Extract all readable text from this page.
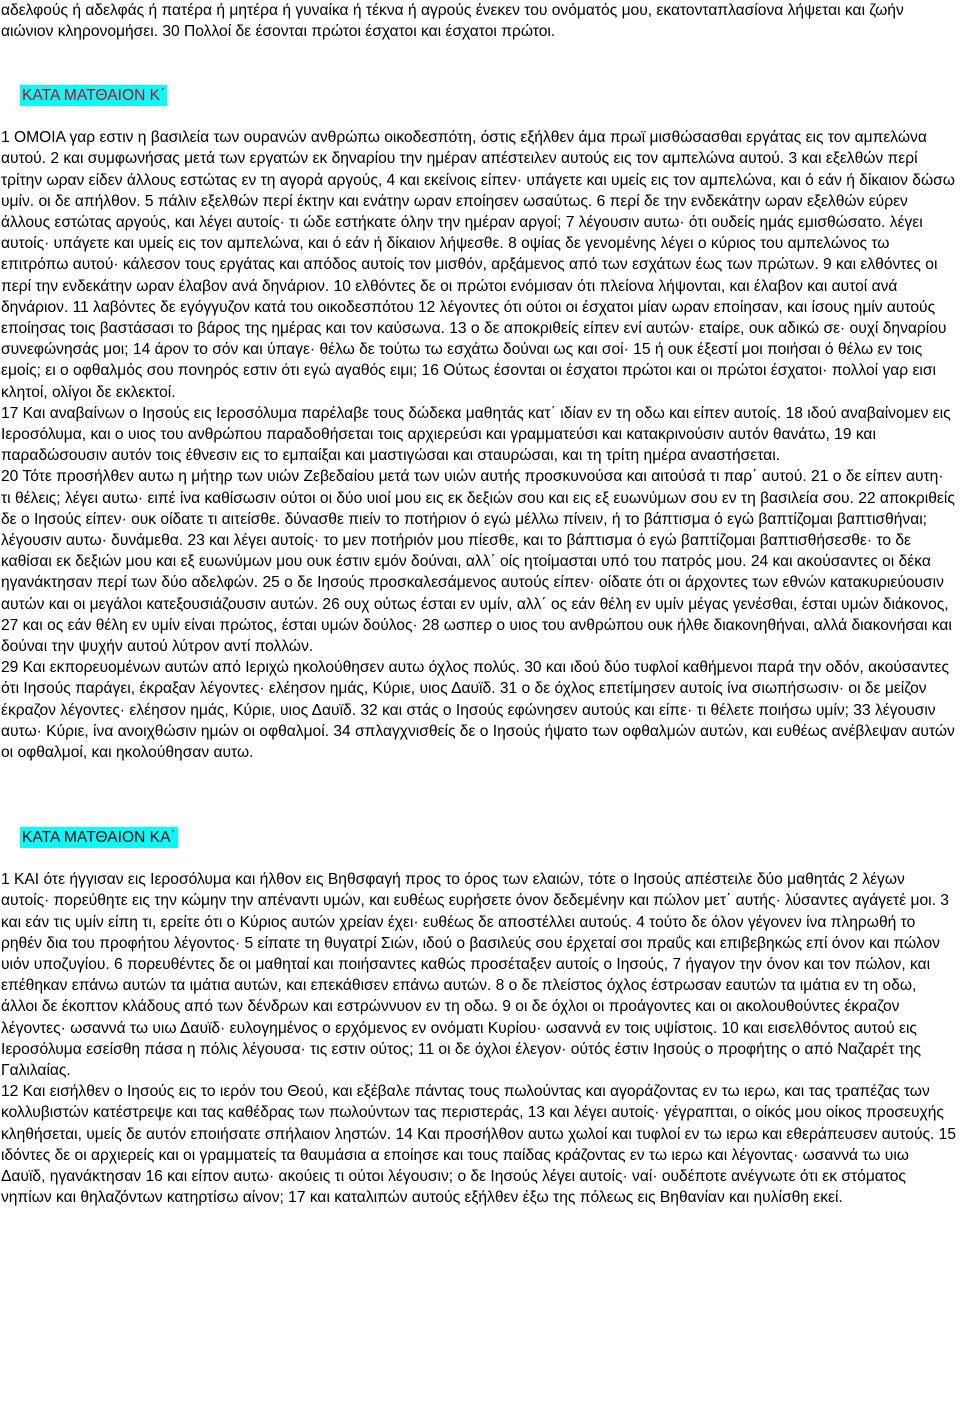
αδελφούς ή αδελφάς ή πατέρα ή μητέρα ή γυναίκα ή τέκνα ή αγρούς ένεκεν του ονόματός μου, εκατονταπλασίονα λήψεται και ζωήν αιώνιον κληρονομήσει. 30 Πολλοί δε έσονται πρώτοι έσχατοι και έσχατοι πρώτοι.

ΚΑΤΑ ΜΑΤΘΑΙΟΝ Κ΄

1 ΟΜΟΙΑ γαρ εστιν η βασιλεία των ουρανών ανθρώπω οικοδεσπότη, όστις εξήλθεν άμα πρωϊ μισθώσασθαι εργάτας εις τον αμπελώνα αυτού. 2 και συμφωνήσας μετά των εργατών εκ δηναρίου την ημέραν απέστειλεν αυτούς εις τον αμπελώνα αυτού. 3 και εξελθών περί τρίτην ωραν είδεν άλλους εστώτας εν τη αγορά αργούς, 4 και εκείνοις είπεν· υπάγετε και υμείς εις τον αμπελώνα, και ό εάν ή δίκαιον δώσω υμίν. οι δε απήλθον. 5 πάλιν εξελθών περί έκτην και ενάτην ωραν εποίησεν ωσαύτως. 6 περί δε την ενδεκάτην ωραν εξελθών εύρεν άλλους εστώτας αργούς, και λέγει αυτοίς· τι ώδε εστήκατε όλην την ημέραν αργοί; 7 λέγουσιν αυτω· ότι ουδείς ημάς εμισθώσατο. λέγει αυτοίς· υπάγετε και υμείς εις τον αμπελώνα, και ό εάν ή δίκαιον λήψεσθε. 8 οψίας δε γενομένης λέγει ο κύριος του αμπελώνος τω επιτρόπω αυτού· κάλεσον τους εργάτας και απόδος αυτοίς τον μισθόν, αρξάμενος από των εσχάτων έως των πρώτων. 9 και ελθόντες οι περί την ενδεκάτην ωραν έλαβον ανά δηνάριον. 10 ελθόντες δε οι πρώτοι ενόμισαν ότι πλείονα λήψονται, και έλαβον και αυτοί ανά δηνάριον. 11 λαβόντες δε εγόγγυζον κατά του οικοδεσπότου 12 λέγοντες ότι ούτοι οι έσχατοι μίαν ωραν εποίησαν, και ίσους ημίν αυτούς εποίησας τοις βαστάσασι το βάρος της ημέρας και τον καύσωνα. 13 ο δε αποκριθείς είπεν ενί αυτών· εταίρε, ουκ αδικώ σε· ουχί δηναρίου συνεφώνησάς μοι; 14 άρον το σόν και ύπαγε· θέλω δε τούτω τω εσχάτω δούναι ως και σοί· 15 ή ουκ έξεστί μοι ποιήσαι ό θέλω εν τοις εμοίς; ει ο οφθαλμός σου πονηρός εστιν ότι εγώ αγαθός ειμι; 16 Ούτως έσονται οι έσχατοι πρώτοι και οι πρώτοι έσχατοι· πολλοί γαρ εισι κλητοί, ολίγοι δε εκλεκτοί.

17 Και αναβαίνων ο Ιησούς εις Ιεροσόλυμα παρέλαβε τους δώδεκα μαθητάς κατ΄ ιδίαν εν τη οδω και είπεν αυτοίς. 18 ιδού αναβαίνομεν εις Ιεροσόλυμα, και ο υιος του ανθρώπου παραδοθήσεται τοις αρχιερεύσι και γραμματεύσι και κατακρινούσιν αυτόν θανάτω, 19 και παραδώσουσιν αυτόν τοις έθνεσιν εις το εμπαίξαι και μαστιγώσαι και σταυρώσαι, και τη τρίτη ημέρα αναστήσεται.

20 Τότε προσήλθεν αυτω η μήτηρ των υιών Ζεβεδαίου μετά των υιών αυτής προσκυνούσα και αιτούσά τι παρ΄ αυτού. 21 ο δε είπεν αυτη· τι θέλεις; λέγει αυτω· ειπέ ίνα καθίσωσιν ούτοι οι δύο υιοί μου εις εκ δεξιών σου και εις εξ ευωνύμων σου εν τη βασιλεία σου. 22 αποκριθείς δε ο Ιησούς είπεν· ουκ οίδατε τι αιτείσθε. δύνασθε πιείν το ποτήριον ό εγώ μέλλω πίνειν, ή το βάπτισμα ό εγώ βαπτίζομαι βαπτισθήναι; λέγουσιν αυτω· δυνάμεθα. 23 και λέγει αυτοίς· το μεν ποτήριόν μου πίεσθε, και το βάπτισμα ό εγώ βαπτίζομαι βαπτισθήσεσθε· το δε καθίσαι εκ δεξιών μου και εξ ευωνύμων μου ουκ έστιν εμόν δούναι, αλλ΄ οίς ητοίμασται υπό του πατρός μου. 24 και ακούσαντες οι δέκα ηγανάκτησαν περί των δύο αδελφών. 25 ο δε Ιησούς προσκαλεσάμενος αυτούς είπεν· οίδατε ότι οι άρχοντες των εθνών κατακυριεύουσιν αυτών και οι μεγάλοι κατεξουσιάζουσιν αυτών. 26 ουχ ούτως έσται εν υμίν, αλλ΄ ος εάν θέλη εν υμίν μέγας γενέσθαι, έσται υμών διάκονος, 27 και ος εάν θέλη εν υμίν είναι πρώτος, έσται υμών δούλος· 28 ωσπερ ο υιος του ανθρώπου ουκ ήλθε διακονηθήναι, αλλά διακονήσαι και δούναι την ψυχήν αυτού λύτρον αντί πολλών.

29 Και εκπορευομένων αυτών από Ιεριχώ ηκολούθησεν αυτω όχλος πολύς. 30 και ιδού δύο τυφλοί καθήμενοι παρά την οδόν, ακούσαντες ότι Ιησούς παράγει, έκραξαν λέγοντες· ελέησον ημάς, Κύριε, υιος Δαυϊδ. 31 ο δε όχλος επετίμησεν αυτοίς ίνα σιωπήσωσιν· οι δε μείζον έκραζον λέγοντες· ελέησον ημάς, Κύριε, υιος Δαυϊδ. 32 και στάς ο Ιησούς εφώνησεν αυτούς και είπε· τι θέλετε ποιήσω υμίν; 33 λέγουσιν αυτω· Κύριε, ίνα ανοιχθώσιν ημών οι οφθαλμοί. 34 σπλαγχνισθείς δε ο Ιησούς ήψατο των οφθαλμών αυτών, και ευθέως ανέβλεψαν αυτών οι οφθαλμοί, και ηκολούθησαν αυτω.

ΚΑΤΑ ΜΑΤΘΑΙΟΝ ΚΑ΄

1 ΚΑΙ ότε ήγγισαν εις Ιεροσόλυμα και ήλθον εις Βηθσφαγή προς το όρος των ελαιών, τότε ο Ιησούς απέστειλε δύο μαθητάς 2 λέγων αυτοίς· πορεύθητε εις την κώμην την απέναντι υμών, και ευθέως ευρήσετε όνον δεδεμένην και πώλον μετ΄ αυτής· λύσαντες αγάγετέ μοι. 3 και εάν τις υμίν είπη τι, ερείτε ότι ο Κύριος αυτών χρείαν έχει· ευθέως δε αποστέλλει αυτούς. 4 τούτο δε όλον γέγονεν ίνα πληρωθή το ρηθέν δια του προφήτου λέγοντος· 5 είπατε τη θυγατρί Σιών, ιδού ο βασιλεύς σου έρχεταί σοι πραΰς και επιβεβηκώς επί όνον και πώλον υιόν υποζυγίου. 6 πορευθέντες δε οι μαθηταί και ποιήσαντες καθώς προσέταξεν αυτοίς ο Ιησούς, 7 ήγαγον την όνον και τον πώλον, και επέθηκαν επάνω αυτών τα ιμάτια αυτών, και επεκάθισεν επάνω αυτών. 8 ο δε πλείστος όχλος έστρωσαν εαυτών τα ιμάτια εν τη οδω, άλλοι δε έκοπτον κλάδους από των δένδρων και εστρώννυον εν τη οδω. 9 οι δε όχλοι οι προάγοντες και οι ακολουθούντες έκραζον λέγοντες· ωσαννά τω υιω Δαυϊδ· ευλογημένος ο ερχόμενος εν ονόματι Κυρίου· ωσαννά εν τοις υψίστοις. 10 και εισελθόντος αυτού εις Ιεροσόλυμα εσείσθη πάσα η πόλις λέγουσα· τις εστιν ούτος; 11 οι δε όχλοι έλεγον· ούτός έστιν Ιησούς ο προφήτης ο από Ναζαρέτ της Γαλιλαίας.

12 Και εισήλθεν ο Ιησούς εις το ιερόν του Θεού, και εξέβαλε πάντας τους πωλούντας και αγοράζοντας εν τω ιερω, και τας τραπέζας των κολλυβιστών κατέστρεψε και τας καθέδρας των πωλούντων τας περιστεράς, 13 και λέγει αυτοίς· γέγραπται, ο οίκός μου οίκος προσευχής κληθήσεται, υμείς δε αυτόν εποιήσατε σπήλαιον ληστών. 14 Και προσήλθον αυτω χωλοί και τυφλοί εν τω ιερω και εθεράπευσεν αυτούς. 15 ιδόντες δε οι αρχιερείς και οι γραμματείς τα θαυμάσια α εποίησε και τους παίδας κράζοντας εν τω ιερω και λέγοντας· ωσαννά τω υιω Δαυϊδ, ηγανάκτησαν 16 και είπον αυτω· ακούεις τι ούτοι λέγουσιν; ο δε Ιησούς λέγει αυτοίς· ναί· ουδέποτε ανέγνωτε ότι εκ στόματος νηπίων και θηλαζόντων κατηρτίσω αίνον; 17 και καταλιπών αυτούς εξήλθεν έξω της πόλεως εις Βηθανίαν και ηυλίσθη εκεί.
